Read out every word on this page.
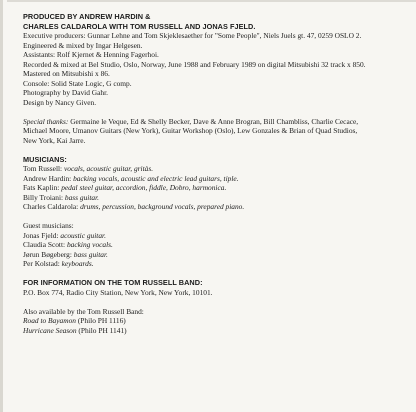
PRODUCED BY ANDREW HARDIN &
CHARLES CALDAROLA WITH TOM RUSSELL AND JONAS FJELD.
Executive producers: Gunnar Lehne and Tom Skjeklesaether for "Some People", Niels Juels gt. 47, 0259 OSLO 2.
Engineered & mixed by Ingar Helgesen.
Assistants: Rolf Kjernet & Henning Fagerhoi.
Recorded & mixed at Bel Studio, Oslo, Norway, June 1988 and February 1989 on digital Mitsubishi 32 track x 850.
Mastered on Mitsubishi x 86.
Console: Solid State Logic, G comp.
Photography by David Gahr.
Design by Nancy Given.
Special thanks: Germaine le Veque, Ed & Shelly Becker, Dave & Anne Brogran, Bill Chambliss, Charlie Cecace,
Michael Moore, Umanov Guitars (New York), Guitar Workshop (Oslo), Lew Gonzales & Brian of Quad Studios,
New York, Kai Jarre.
MUSICIANS:
Tom Russell: vocals, acoustic guitar, gritàs.
Andrew Hardin: backing vocals, acoustic and electric lead guitars, tiple.
Fats Kaplin: pedal steel guitar, accordion, fiddle, Dobro, harmonica.
Billy Troiani: bass guitar.
Charles Caldarola: drums, percussion, background vocals, prepared piano.
Guest musicians:
Jonas Fjeld: acoustic guitar.
Claudia Scott: backing vocals.
Jørun Bøgeberg: bass guitar.
Per Kolstad: keyboards.
FOR INFORMATION ON THE TOM RUSSELL BAND:
P.O. Box 774, Radio City Station, New York, New York, 10101.
Also available by the Tom Russell Band:
Road to Bayamon (Philo PH 1116)
Hurricane Season (Philo PH 1141)
